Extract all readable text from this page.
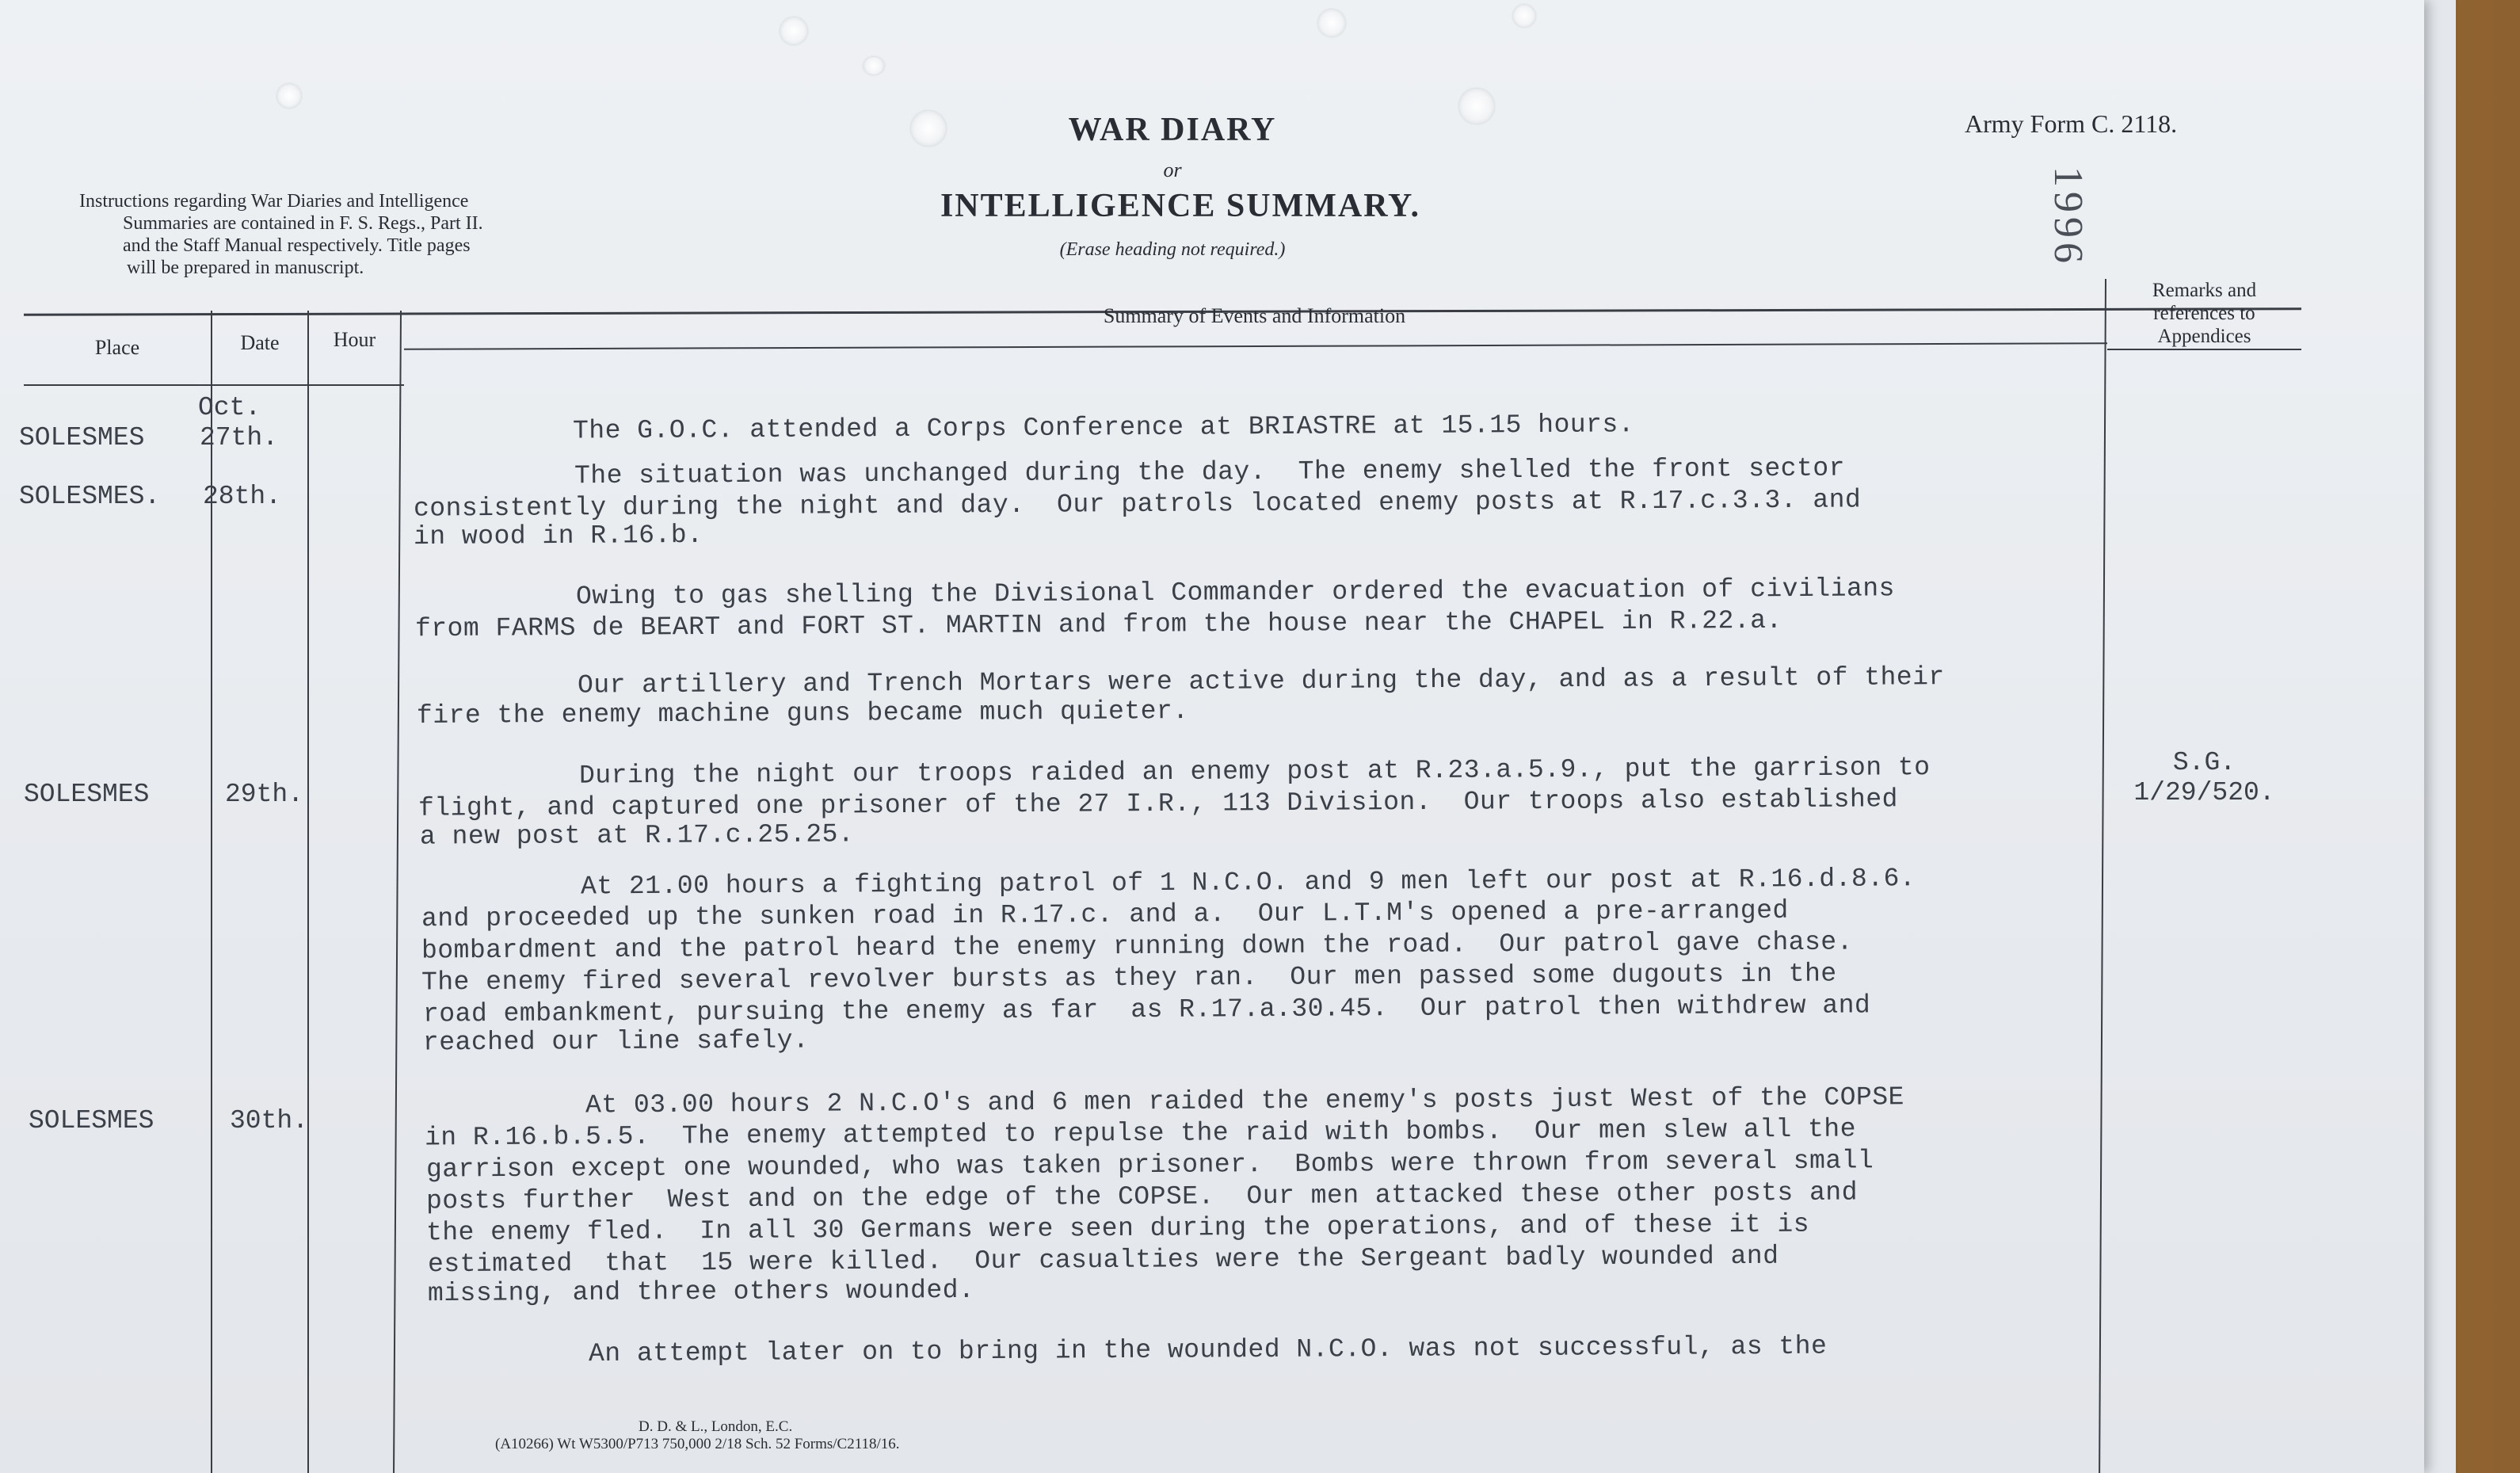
WAR DIARY
or
INTELLIGENCE SUMMARY.
(Erase heading not required.)
Instructions regarding War Diaries and Intelligence
Summaries are contained in F. S. Regs., Part II.
and the Staff Manual respectively. Title pages
will be prepared in manuscript.
Army Form C. 2118.
1996
Place	Date	Hour
Summary of Events and Information
Remarks and
references to
Appendices
SOLESMES
SOLESMES.
SOLESMES
SOLESMES
Oct.
27th.
28th.
29th.
30th.
The G.O.C. attended a Corps Conference at BRIASTRE at 15.15 hours.
The situation was unchanged during the day.  The enemy shelled the front sector
consistently during the night and day.  Our patrols located enemy posts at R.17.c.3.3. and
in wood in R.16.b.
Owing to gas shelling the Divisional Commander ordered the evacuation of civilians
from FARMS de BEART and FORT ST. MARTIN and from the house near the CHAPEL in R.22.a.
Our artillery and Trench Mortars were active during the day, and as a result of their
fire the enemy machine guns became much quieter.
During the night our troops raided an enemy post at R.23.a.5.9., put the garrison to
flight, and captured one prisoner of the 27 I.R., 113 Division.  Our troops also established
a new post at R.17.c.25.25.
At 21.00 hours a fighting patrol of 1 N.C.O. and 9 men left our post at R.16.d.8.6.
and proceeded up the sunken road in R.17.c. and a.  Our L.T.M's opened a pre-arranged
bombardment and the patrol heard the enemy running down the road.  Our patrol gave chase.
The enemy fired several revolver bursts as they ran.  Our men passed some dugouts in the
road embankment, pursuing the enemy as far  as R.17.a.30.45.  Our patrol then withdrew and
reached our line safely.
At 03.00 hours 2 N.C.O's and 6 men raided the enemy's posts just West of the COPSE
in R.16.b.5.5.  The enemy attempted to repulse the raid with bombs.  Our men slew all the
garrison except one wounded, who was taken prisoner.  Bombs were thrown from several small
posts further  West and on the edge of the COPSE.  Our men attacked these other posts and
the enemy fled.  In all 30 Germans were seen during the operations, and of these it is
estimated  that  15 were killed.  Our casualties were the Sergeant badly wounded and
missing, and three others wounded.
An attempt later on to bring in the wounded N.C.O. was not successful, as the
S.G.
1/29/520.
D. D. & L., London, E.C.
(A10266) Wt W5300/P713 750,000 2/18 Sch. 52 Forms/C2118/16.
